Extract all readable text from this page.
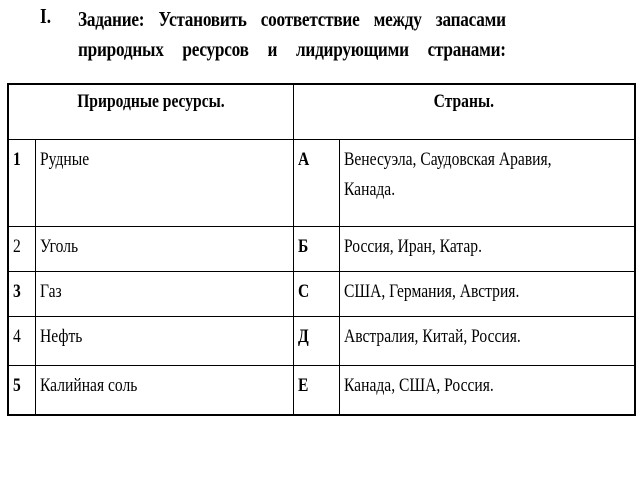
I.	Задание: Установить соответствие между запасами
природных ресурсов и лидирующими странами:
Природные ресурсы.		Страны.	
1	Рудные	А	Венесуэла, Саудовская Аравия,
Канада.
2	Уголь	Б	Россия, Иран, Катар.
3	Газ	С	США, Германия, Австрия.
4	Нефть	Д	Австралия, Китай, Россия.
5	Калийная соль	Е	Канада, США, Россия.
